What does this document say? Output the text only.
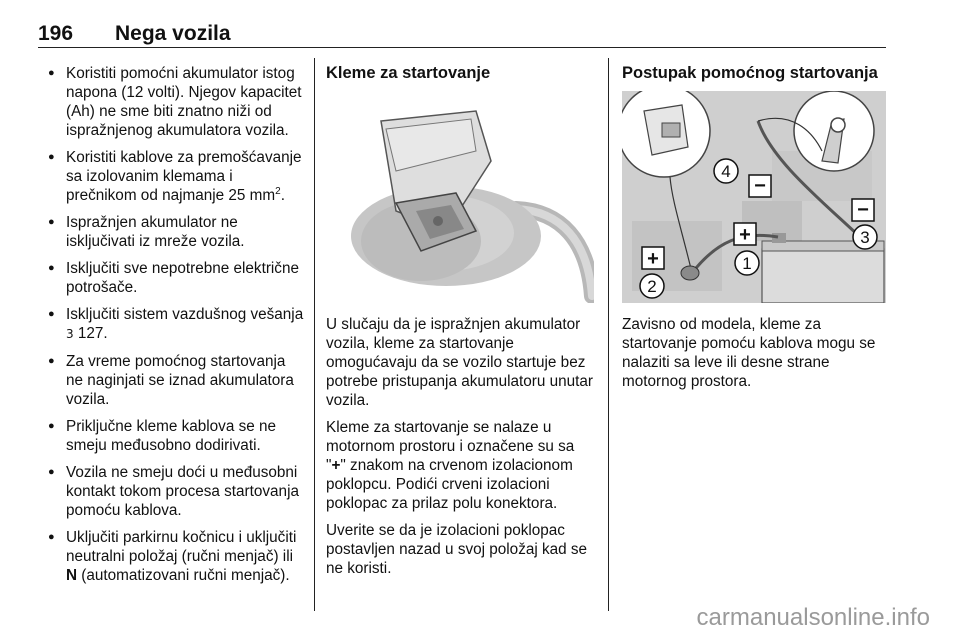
196 Nega vozila
● Koristiti pomoćni akumulator istog napona (12 volti). Njegov kapacitet (Ah) ne sme biti znatno niži od ispražnjenog akumulatora vozila.
● Koristiti kablove za premošćavanje sa izolovanim klemama i prečnikom od najmanje 25 $mm^2$.
● Ispražnjen akumulator ne isključivati iz mreže vozila.
● Isključiti sve nepotrebne električne potrošače.
● Isključiti sistem vazdušnog vešanja 3 127.
● Za vreme pomoćnog startovanja ne naginjati se iznad akumulatora vozila.
● Priključne kleme kablova se ne smeju međusobno dodirivati.
● Vozila ne smeju doći u međusobni kontakt tokom procesa startovanja pomoću kablova.
● Uključiti parkirnu kočnicu i uključiti neutralni položaj (ručni menjač) ili N (automatizovani ručni menjač).
Kleme za startovanje
U slučaju da je ispražnjen akumulator vozila, kleme za startovanje omogućavaju da se vozilo startuje bez potrebe pristupanja akumulatoru unutar vozila.
Kleme za startovanje se nalaze u motornom prostoru i označene su sa "+" znakom na crvenom izolacionom poklopcu. Podići crveni izolacioni poklopac za prilaz polu konektora.
Uverite se da je izolacioni poklopac postavljen nazad u svoj položaj kad se ne koristi.
Postupak pomoćnog startovanja
1
2
3
4
+
+
−
−
Zavisno od modela, kleme za startovanje pomoću kablova mogu se nalaziti sa leve ili desne strane motornog prostora.
carmanualsonline.info
